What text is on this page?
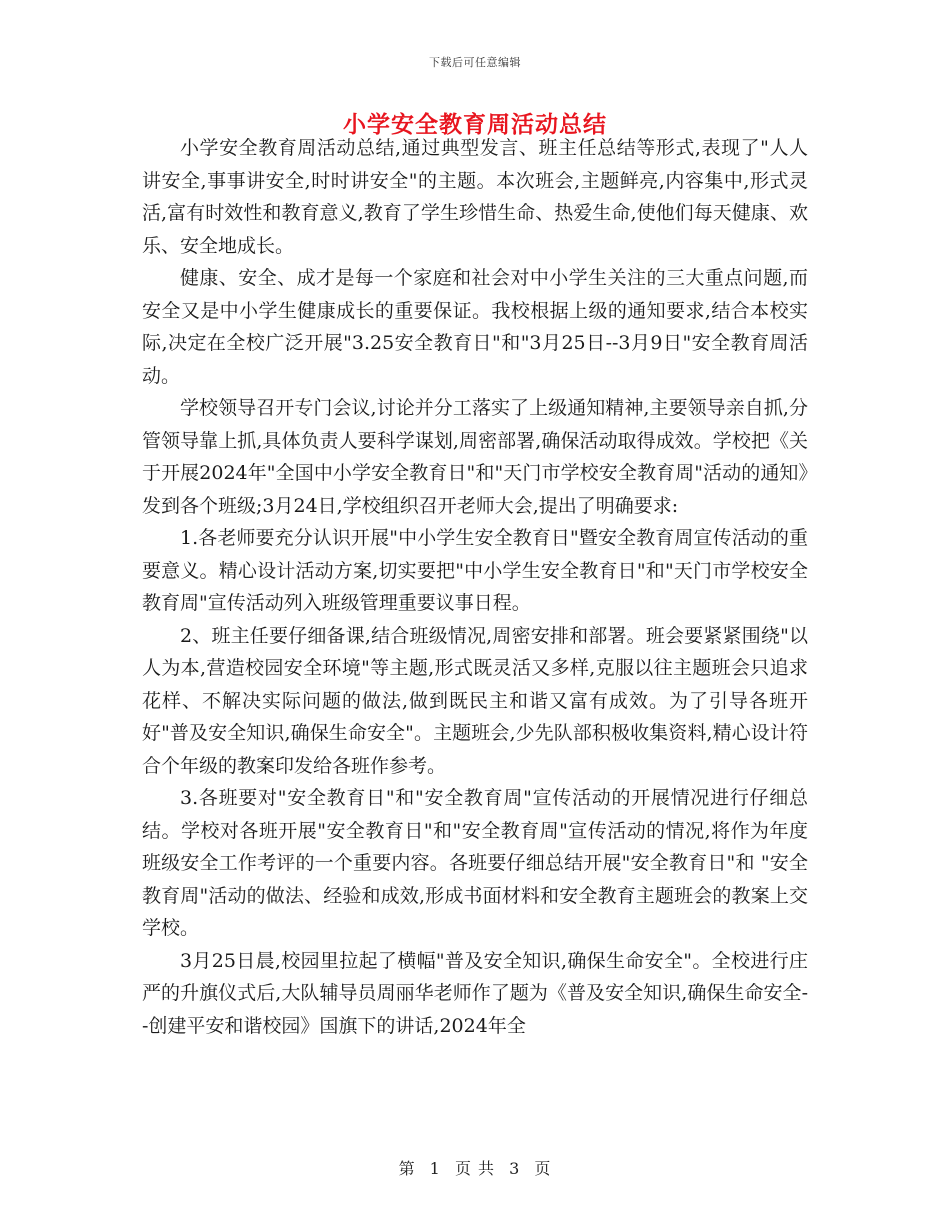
下载后可任意编辑
小学安全教育周活动总结

小学安全教育周活动总结,通过典型发言、班主任总结等形式,表现了"人人讲安全,事事讲安全,时时讲安全"的主题。本次班会,主题鲜亮,内容集中,形式灵活,富有时效性和教育意义,教育了学生珍惜生命、热爱生命,使他们每天健康、欢乐、安全地成长。

健康、安全、成才是每一个家庭和社会对中小学生关注的三大重点问题,而安全又是中小学生健康成长的重要保证。我校根据上级的通知要求,结合本校实际,决定在全校广泛开展"3.25安全教育日"和"3月25日--3月9日"安全教育周活动。

学校领导召开专门会议,讨论并分工落实了上级通知精神,主要领导亲自抓,分管领导靠上抓,具体负责人要科学谋划,周密部署,确保活动取得成效。学校把《关于开展2024年"全国中小学安全教育日"和"天门市学校安全教育周"活动的通知》发到各个班级;3月24日,学校组织召开老师大会,提出了明确要求:

1.各老师要充分认识开展"中小学生安全教育日"暨安全教育周宣传活动的重要意义。精心设计活动方案,切实要把"中小学生安全教育日"和"天门市学校安全教育周"宣传活动列入班级管理重要议事日程。

2、班主任要仔细备课,结合班级情况,周密安排和部署。班会要紧紧围绕"以人为本,营造校园安全环境"等主题,形式既灵活又多样,克服以往主题班会只追求花样、不解决实际问题的做法,做到既民主和谐又富有成效。为了引导各班开好"普及安全知识,确保生命安全"。主题班会,少先队部积极收集资料,精心设计符合个年级的教案印发给各班作参考。

3.各班要对"安全教育日"和"安全教育周"宣传活动的开展情况进行仔细总结。学校对各班开展"安全教育日"和"安全教育周"宣传活动的情况,将作为年度班级安全工作考评的一个重要内容。各班要仔细总结开展"安全教育日"和 "安全教育周"活动的做法、经验和成效,形成书面材料和安全教育主题班会的教案上交学校。

3月25日晨,校园里拉起了横幅"普及安全知识,确保生命安全"。全校进行庄严的升旗仪式后,大队辅导员周丽华老师作了题为《普及安全知识,确保生命安全--创建平安和谐校园》国旗下的讲话,2024年全

第 1 页 共 3 页
